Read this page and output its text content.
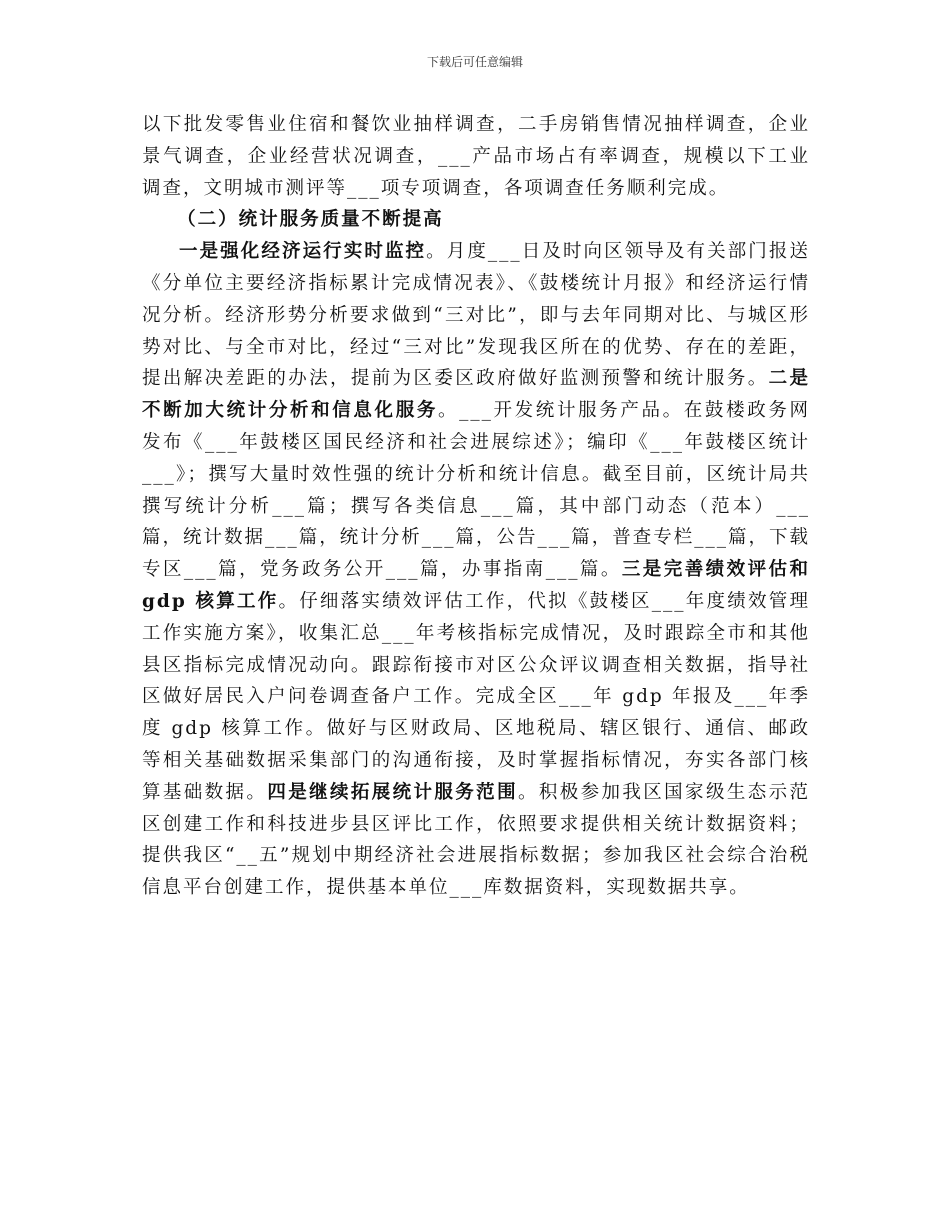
下载后可任意编辑

以下批发零售业住宿和餐饮业抽样调查，二手房销售情况抽样调查，企业景气调查，企业经营状况调查，___产品市场占有率调查，规模以下工业调查，文明城市测评等___项专项调查，各项调查任务顺利完成。

（二）统计服务质量不断提高

一是强化经济运行实时监控。月度___日及时向区领导及有关部门报送《分单位主要经济指标累计完成情况表》、《鼓楼统计月报》和经济运行情况分析。经济形势分析要求做到“三对比”，即与去年同期对比、与城区形势对比、与全市对比，经过“三对比”发现我区所在的优势、存在的差距，提出解决差距的办法，提前为区委区政府做好监测预警和统计服务。二是不断加大统计分析和信息化服务。___开发统计服务产品。在鼓楼政务网发布《___年鼓楼区国民经济和社会进展综述》；编印《___年鼓楼区统计___》；撰写大量时效性强的统计分析和统计信息。截至目前，区统计局共撰写统计分析___篇；撰写各类信息___篇，其中部门动态（范本）___篇，统计数据___篇，统计分析___篇，公告___篇，普查专栏___篇，下载专区___篇，党务政务公开___篇，办事指南___篇。三是完善绩效评估和 gdp 核算工作。仔细落实绩效评估工作，代拟《鼓楼区___年度绩效管理工作实施方案》，收集汇总___年考核指标完成情况，及时跟踪全市和其他县区指标完成情况动向。跟踪衔接市对区公众评议调查相关数据，指导社区做好居民入户问卷调查备户工作。完成全区___年 gdp 年报及___年季度 gdp 核算工作。做好与区财政局、区地税局、辖区银行、通信、邮政等相关基础数据采集部门的沟通衔接，及时掌握指标情况，夯实各部门核算基础数据。四是继续拓展统计服务范围。积极参加我区国家级生态示范区创建工作和科技进步县区评比工作，依照要求提供相关统计数据资料；提供我区“__五”规划中期经济社会进展指标数据；参加我区社会综合治税信息平台创建工作，提供基本单位___库数据资料，实现数据共享。
